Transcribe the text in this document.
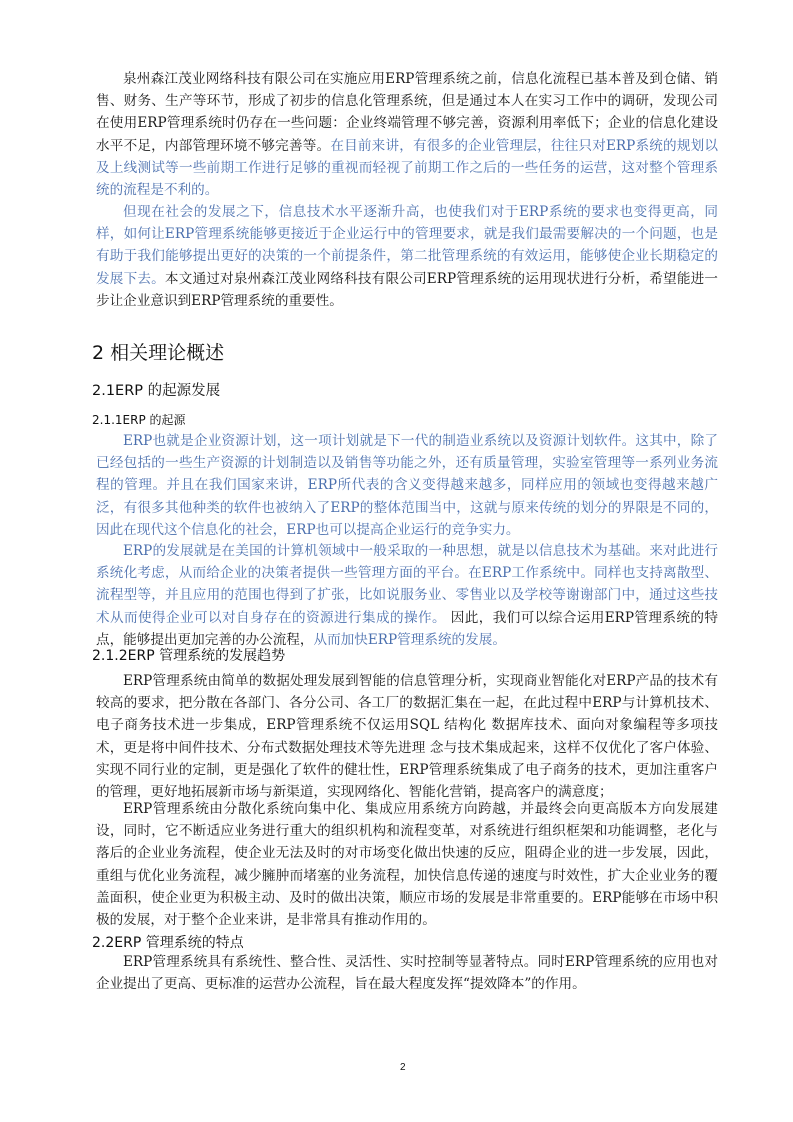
泉州森江茂业网络科技有限公司在实施应用ERP管理系统之前，信息化流程已基本普及到仓储、销售、财务、生产等环节，形成了初步的信息化管理系统，但是通过本人在实习工作中的调研，发现公司在使用ERP管理系统时仍存在一些问题：企业终端管理不够完善，资源利用率低下；企业的信息化建设水平不足，内部管理环境不够完善等。在目前来讲，有很多的企业管理层，往往只对ERP系统的规划以及上线测试等一些前期工作进行足够的重视而轻视了前期工作之后的一些任务的运营，这对整个管理系统的流程是不利的。

但现在社会的发展之下，信息技术水平逐渐升高，也使我们对于ERP系统的要求也变得更高，同样，如何让ERP管理系统能够更接近于企业运行中的管理要求，就是我们最需要解决的一个问题，也是有助于我们能够提出更好的决策的一个前提条件，第二批管理系统的有效运用，能够使企业长期稳定的发展下去。本文通过对泉州森江茂业网络科技有限公司ERP管理系统的运用现状进行分析，希望能进一步让企业意识到ERP管理系统的重要性。

2 相关理论概述
2.1ERP 的起源发展
2.1.1ERP 的起源

ERP也就是企业资源计划，这一项计划就是下一代的制造业系统以及资源计划软件。这其中，除了已经包括的一些生产资源的计划制造以及销售等功能之外，还有质量管理，实验室管理等一系列业务流程的管理。并且在我们国家来讲，ERP所代表的含义变得越来越多，同样应用的领域也变得越来越广泛，有很多其他种类的软件也被纳入了ERP的整体范围当中，这就与原来传统的划分的界限是不同的，因此在现代这个信息化的社会，ERP也可以提高企业运行的竞争实力。

ERP的发展就是在美国的计算机领域中一般采取的一种思想，就是以信息技术为基础。来对此进行系统化考虑，从而给企业的决策者提供一些管理方面的平台。在ERP工作系统中。同样也支持离散型、流程型等，并且应用的范围也得到了扩张，比如说服务业、零售业以及学校等谢谢部门中，通过这些技术从而使得企业可以对自身存在的资源进行集成的操作。 因此，我们可以综合运用ERP管理系统的特点，能够提出更加完善的办公流程，从而加快ERP管理系统的发展。

2.1.2ERP 管理系统的发展趋势

ERP管理系统由简单的数据处理发展到智能的信息管理分析，实现商业智能化对ERP产品的技术有较高的要求，把分散在各部门、各分公司、各工厂的数据汇集在一起，在此过程中ERP与计算机技术、电子商务技术进一步集成，ERP管理系统不仅运用SQL 结构化 数据库技术、面向对象编程等多项技术，更是将中间件技术、分布式数据处理技术等先进理 念与技术集成起来，这样不仅优化了客户体验、实现不同行业的定制，更是强化了软件的健壮性，ERP管理系统集成了电子商务的技术，更加注重客户的管理，更好地拓展新市场与新渠道，实现网络化、智能化营销，提高客户的满意度；

ERP管理系统由分散化系统向集中化、集成应用系统方向跨越，并最终会向更高版本方向发展建设，同时，它不断适应业务进行重大的组织机构和流程变革，对系统进行组织框架和功能调整，老化与落后的企业业务流程，使企业无法及时的对市场变化做出快速的反应，阻碍企业的进一步发展，因此，重组与优化业务流程，减少臃肿而堵塞的业务流程，加快信息传递的速度与时效性，扩大企业业务的覆盖面积，使企业更为积极主动、及时的做出决策，顺应市场的发展是非常重要的。ERP能够在市场中积极的发展，对于整个企业来讲，是非常具有推动作用的。

2.2ERP 管理系统的特点

ERP管理系统具有系统性、整合性、灵活性、实时控制等显著特点。同时ERP管理系统的应用也对企业提出了更高、更标准的运营办公流程，旨在最大程度发挥“提效降本”的作用。

2
